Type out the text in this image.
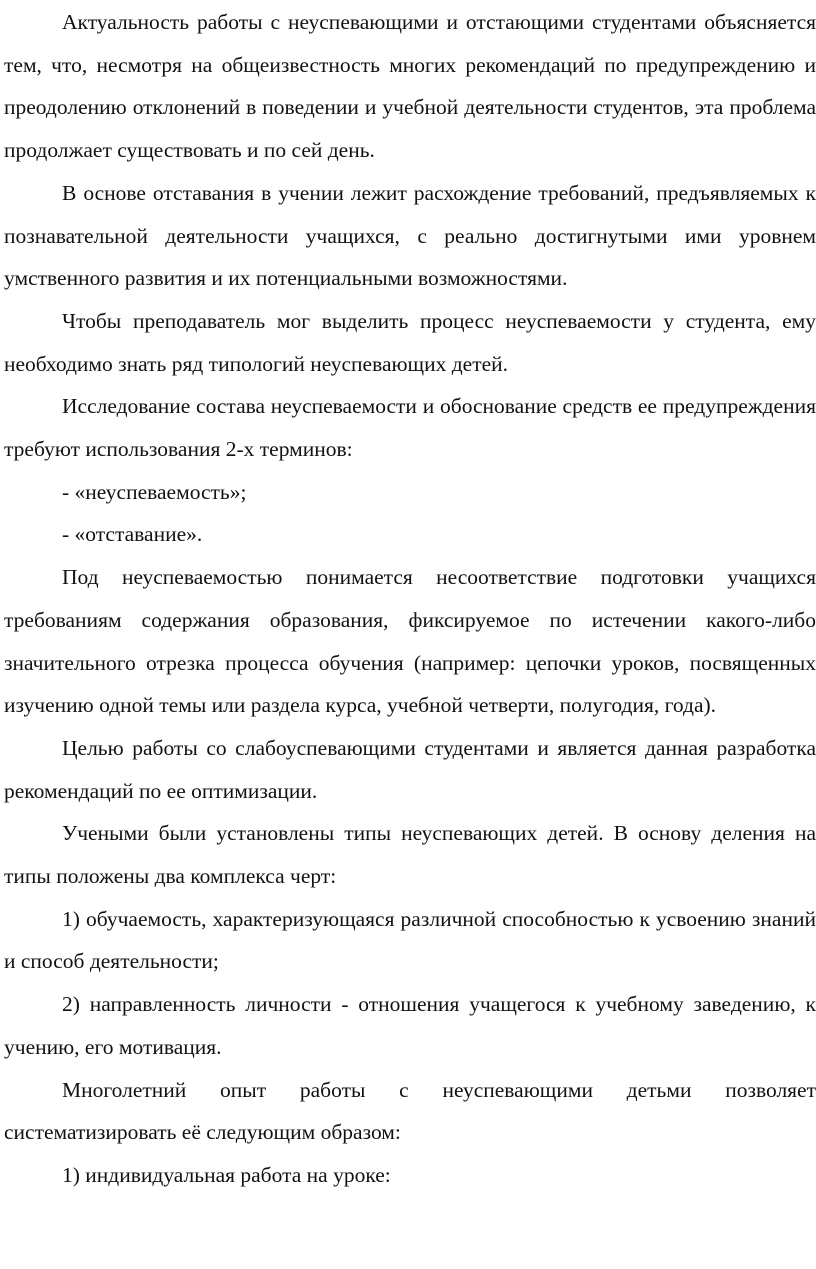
Актуальность работы с неуспевающими и отстающими студентами объясняется тем, что, несмотря на общеизвестность многих рекомендаций по предупреждению и преодолению отклонений в поведении и учебной деятельности студентов, эта проблема продолжает существовать и по сей день.

В основе отставания в учении лежит расхождение требований, предъявляемых к познавательной деятельности учащихся, с реально достигнутыми ими уровнем умственного развития и их потенциальными возможностями.

Чтобы преподаватель мог выделить процесс неуспеваемости у студента, ему необходимо знать ряд типологий неуспевающих детей.

Исследование состава неуспеваемости и обоснование средств ее предупреждения требуют использования 2-х терминов:

- «неуспеваемость»;

- «отставание».

Под неуспеваемостью понимается несоответствие подготовки учащихся требованиям содержания образования, фиксируемое по истечении какого-либо значительного отрезка процесса обучения (например: цепочки уроков, посвященных изучению одной темы или раздела курса, учебной четверти, полугодия, года).

Целью работы со слабоуспевающими студентами и является данная разработка рекомендаций по ее оптимизации.

Учеными были установлены типы неуспевающих детей. В основу деления на типы положены два комплекса черт:

1) обучаемость, характеризующаяся различной способностью к усвоению знаний и способ деятельности;

2) направленность личности - отношения учащегося к учебному заведению, к учению, его мотивация.

Многолетний опыт работы с неуспевающими детьми позволяет систематизировать её следующим образом:

1) индивидуальная работа на уроке:
